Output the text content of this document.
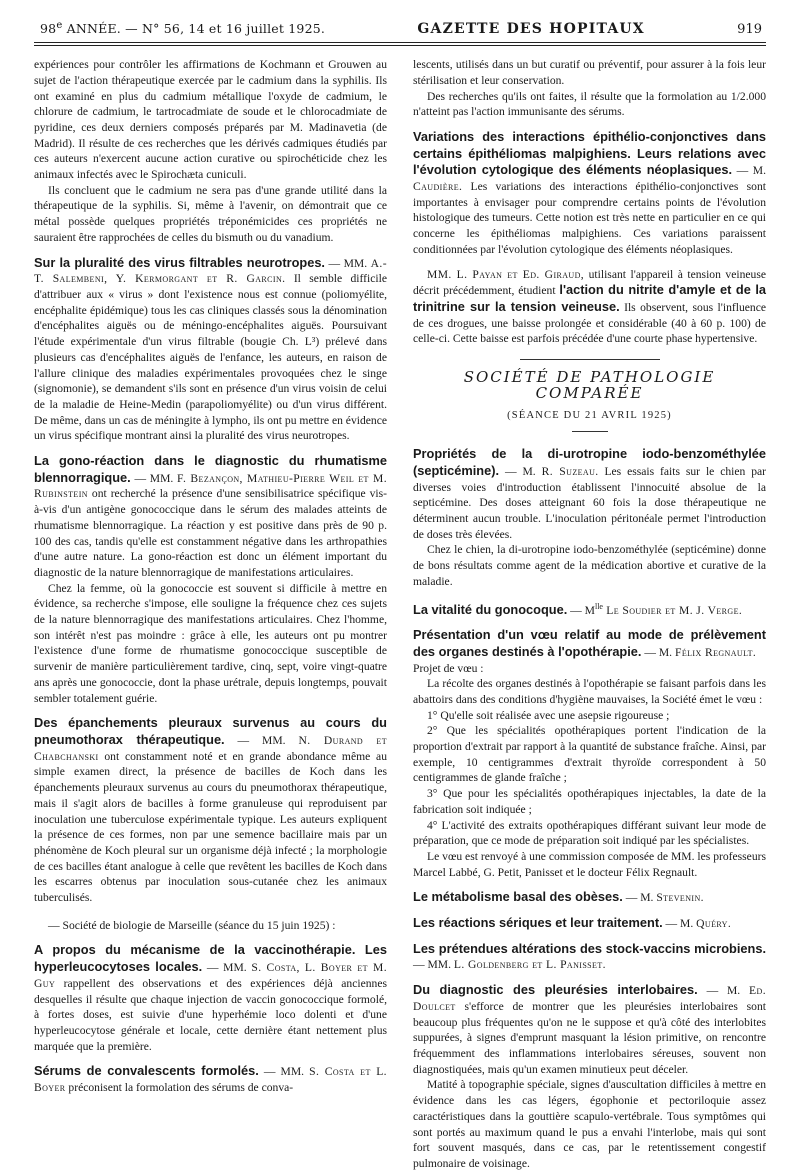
98e ANNÉE. — N° 56, 14 et 16 juillet 1925.	GAZETTE DES HOPITAUX	919

expériences pour contrôler les affirmations de Kochmann et Grouwen au sujet de l'action thérapeutique exercée par le cadmium dans la syphilis. Ils ont examiné en plus du cadmium métallique l'oxyde de cadmium, le chlorure de cadmium, le tartrocadmiate de soude et le chlorocadmiate de pyridine, ces deux derniers composés préparés par M. Madinavetia (de Madrid). Il résulte de ces recherches que les dérivés cadmiques étudiés par ces auteurs n'exercent aucune action curative ou spirochéticide chez les animaux infectés avec le Spirochæta cuniculi.

Ils concluent que le cadmium ne sera pas d'une grande utilité dans la thérapeutique de la syphilis. Si, même à l'avenir, on démontrait que ce métal possède quelques propriétés tréponémicides ces propriétés ne sauraient être rapprochées de celles du bismuth ou du vanadium.

Sur la pluralité des virus filtrables neurotropes. — MM. A.-T. Salembeni, Y. Kermorgant et R. Garcin. Il semble difficile d'attribuer aux « virus » dont l'existence nous est connue (poliomyélite, encéphalite épidémique) tous les cas cliniques classés sous la dénomination d'encéphalites aiguës ou de méningo-encéphalites aiguës. Poursuivant l'étude expérimentale d'un virus filtrable (bougie Ch. L³) prélevé dans plusieurs cas d'encéphalites aiguës de l'enfance, les auteurs, en raison de l'allure clinique des maladies expérimentales provoquées chez le singe (signomonie), se demandent s'ils sont en présence d'un virus voisin de celui de la maladie de Heine-Medin (parapoliomyélite) ou d'un virus différent. De même, dans un cas de méningite à lympho, ils ont pu mettre en évidence un virus spécifique montrant ainsi la pluralité des virus neurotropes.

La gono-réaction dans le diagnostic du rhumatisme blennorragique. — MM. F. Bezançon, Mathieu-Pierre Weil et M. Rubinstein ont recherché la présence d'une sensibilisatrice spécifique vis-à-vis d'un antigène gonococcique dans le sérum des malades atteints de rhumatisme blennorragique. La réaction y est positive dans près de 90 p. 100 des cas, tandis qu'elle est constamment négative dans les arthropathies d'une autre nature. La gono-réaction est donc un élément important du diagnostic de la nature blennorragique de manifestations articulaires.

Chez la femme, où la gonococcie est souvent si difficile à mettre en évidence, sa recherche s'impose, elle souligne la fréquence chez ces sujets de la nature blennorragique des manifestations articulaires. Chez l'homme, son intérêt n'est pas moindre : grâce à elle, les auteurs ont pu montrer l'existence d'une forme de rhumatisme gonococcique susceptible de survenir de manière particulièrement tardive, cinq, sept, voire vingt-quatre ans après une gonococcie, dont la phase urétrale, depuis longtemps, pouvait sembler totalement guérie.

Des épanchements pleuraux survenus au cours du pneumothorax thérapeutique. — MM. N. Durand et Chabchanski ont constamment noté et en grande abondance même au simple examen direct, la présence de bacilles de Koch dans les épanchements pleuraux survenus au cours du pneumothorax thérapeutique, mais il s'agit alors de bacilles à forme granuleuse qui reproduisent par inoculation une tuberculose expérimentale typique. Les auteurs expliquent la présence de ces formes, non par une semence bacillaire mais par un phénomène de Koch pleural sur un organisme déjà infecté ; la morphologie de ces bacilles étant analogue à celle que revêtent les bacilles de Koch dans les escarres obtenus par inoculation sous-cutanée chez les animaux tuberculisés.

— Société de biologie de Marseille (séance du 15 juin 1925) :

A propos du mécanisme de la vaccinothérapie. Les hyperleucocytoses locales. — MM. S. Costa, L. Boyer et M. Guy rappellent des observations et des expériences déjà anciennes desquelles il résulte que chaque injection de vaccin gonococcique formolé, à fortes doses, est suivie d'une hyperhémie loco dolenti et d'une hyperleucocytose générale et locale, cette dernière étant nettement plus marquée que la première.

Sérums de convalescents formolés. — MM. S. Costa et L. Boyer préconisent la formolation des sérums de conva-

lescents, utilisés dans un but curatif ou préventif, pour assurer à la fois leur stérilisation et leur conservation.

Des recherches qu'ils ont faites, il résulte que la formolation au 1/2.000 n'atteint pas l'action immunisante des sérums.

Variations des interactions épithélio-conjonctives dans certains épithéliomas malpighiens. Leurs relations avec l'évolution cytologique des éléments néoplasiques. — M. Caudière. Les variations des interactions épithélio-conjonctives sont importantes à envisager pour comprendre certains points de l'évolution histologique des tumeurs. Cette notion est très nette en particulier en ce qui concerne les épithéliomas malpighiens. Ces variations paraissent conditionnées par l'évolution cytologique des éléments néoplasiques.

MM. L. Payan et Ed. Giraud, utilisant l'appareil à tension veineuse décrit précédemment, étudient l'action du nitrite d'amyle et de la trinitrine sur la tension veineuse. Ils observent, sous l'influence de ces drogues, une baisse prolongée et considérable (40 à 60 p. 100) de celle-ci. Cette baisse est parfois précédée d'une courte phase hypertensive.

SOCIÉTÉ DE PATHOLOGIE COMPARÉE
(SÉANCE DU 21 AVRIL 1925)

Propriétés de la di-urotropine iodo-benzométhylée (septicémine). — M. R. Suzeau. Les essais faits sur le chien par diverses voies d'introduction établissent l'innocuité absolue de la septicémine. Des doses atteignant 60 fois la dose thérapeutique ne déterminent aucun trouble. L'inoculation péritonéale permet l'introduction de doses très élevées.

Chez le chien, la di-urotropine iodo-benzométhylée (septicémine) donne de bons résultats comme agent de la médication abortive et curative de la maladie.

La vitalité du gonocoque. — $M^{lle}$ Le Soudier et M. J. Verge.

Présentation d'un vœu relatif au mode de prélèvement des organes destinés à l'opothérapie. — M. Félix Regnault.

Projet de vœu :

La récolte des organes destinés à l'opothérapie se faisant parfois dans les abattoirs dans des conditions d'hygiène mauvaises, la Société émet le vœu :

1° Qu'elle soit réalisée avec une asepsie rigoureuse ;

2° Que les spécialités opothérapiques portent l'indication de la proportion d'extrait par rapport à la quantité de substance fraîche. Ainsi, par exemple, 10 centigrammes d'extrait thyroïde correspondent à 50 centigrammes de glande fraîche ;

3° Que pour les spécialités opothérapiques injectables, la date de la fabrication soit indiquée ;

4° L'activité des extraits opothérapiques différant suivant leur mode de préparation, que ce mode de préparation soit indiqué par les spécialistes.

Le vœu est renvoyé à une commission composée de MM. les professeurs Marcel Labbé, G. Petit, Panisset et le docteur Félix Regnault.

Le métabolisme basal des obèses. — M. Stevenin.

Les réactions sériques et leur traitement. — M. Quéry.

Les prétendues altérations des stock-vaccins microbiens. — MM. L. Goldenberg et L. Panisset.

Du diagnostic des pleurésies interlobaires. — M. Ed. Doulcet s'efforce de montrer que les pleurésies interlobaires sont beaucoup plus fréquentes qu'on ne le suppose et qu'à côté des interlobites suppurées, à signes d'emprunt masquant la lésion primitive, on rencontre fréquemment des inflammations interlobaires séreuses, souvent non diagnostiquées, mais qu'un examen minutieux peut déceler.

Matité à topographie spéciale, signes d'auscultation difficiles à mettre en évidence dans les cas légers, égophonie et pectoriloquie assez caractéristiques dans la gouttière scapulo-vertébrale. Tous symptômes qui sont portés au maximum quand le pus a envahi l'interlobe, mais qui sont fort souvent masqués, dans ce cas, par le retentissement congestif pulmonaire de voisinage.
